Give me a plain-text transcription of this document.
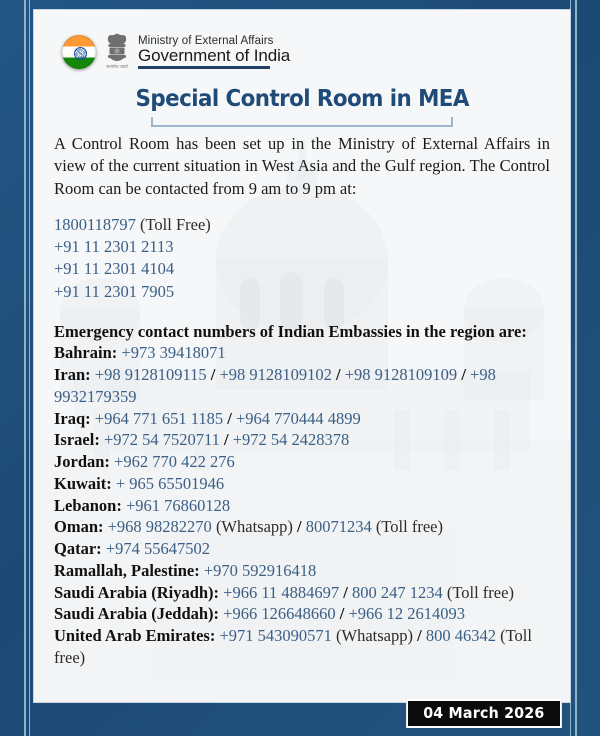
सत्यमेव जयते
Ministry of External Affairs
Government of India
Special Control Room in MEA

A Control Room has been set up in the Ministry of External Affairs in view of the current situation in West Asia and the Gulf region. The Control Room can be contacted from 9 am to 9 pm at:

1800118797 (Toll Free)
+91 11 2301 2113
+91 11 2301 4104
+91 11 2301 7905
Emergency contact numbers of Indian Embassies in the region are:
Bahrain: +973 39418071
Iran: +98 9128109115 / +98 9128109102 / +98 9128109109 / +98 9932179359
Iraq: +964 771 651 1185 / +964 770444 4899
Israel: +972 54 7520711 / +972 54 2428378
Jordan: +962 770 422 276
Kuwait: + 965 65501946
Lebanon: +961 76860128
Oman: +968 98282270 (Whatsapp) / 80071234 (Toll free)
Qatar: +974 55647502
Ramallah, Palestine: +970 592916418
Saudi Arabia (Riyadh): +966 11 4884697 / 800 247 1234 (Toll free)
Saudi Arabia (Jeddah): +966 126648660 / +966 12 2614093
United Arab Emirates: +971 543090571 (Whatsapp) / 800 46342 (Toll free)
04 March 2026
